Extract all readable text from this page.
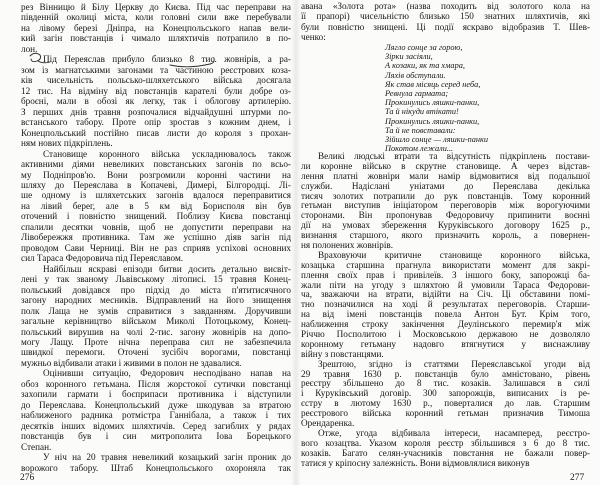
рез Вінницю й Білу Церкву до Києва. Під час переправи на
південній околиці міста, коли головні сили вже перебували
на лівому березі Дніпра, на Конецпольського напав вели-
кий загін повстанців і чимало шляхтичів потрапило в по-
лон.
Під Переяслав прибуло близько 8 тис. жовнірів, а ра-
зом із магнатськими загонами та частиною реєстрових коза-
ків чисельність польсько-шляхетського війська досягала
12 тис. На відміну від повстанців карателі були добре оз-
броєні, мали в обозі як легку, так і облогову артилерію.
З перших днів травня розпочалися відчайдушні штурми по-
встанського табору. Проте опір зростав з кожним днем, і
Конецпольський постійно писав листи до короля з прохан-
ням нових підкріплень.
Становище коронного війська ускладнювалось також
активними діями невеликих повстанських загонів по всьо-
му Подніпров'ю. Вони розгромили коронні частини на
шляху до Переяслава в Копачеві, Димері, Білгородці. Лі-
ше одному із шляхетських загонів вдалося переправитися
на лівий берег, але в 5 км від Борисполя він був
оточений і повністю знищений. Поблизу Києва повстанці
спалили десятки човнів, щоб не допустити переправи на
Лівобережжя противника. Там же успішно діяв загін під
проводом Сави Черниці. Він не раз сприяв успіхові основних
сил Тараса Федоровича під Переяславом.
Найбільш яскраві епізоди битви досить детально висвіт-
лені у так званому Львівському літописі. 15 травня Конец-
польський довідався про підхід до міста п'ятитисячного
загону народних месників. Відправлений на його знищення
полк Лаща не зумів справитися з завданням. Доручивши
загальне керівництво військом Миколі Потоцькому, Конец-
польський вирушив на чолі 2-тис. загону жовнірів на допо-
могу Лащу. Проте нічна переправа сил не забезпечила
швидкої перемоги. Оточені зусібіч ворогами, повстанці
мужньо відбивали атаки і живими в полон не здавалися.
Оцінивши ситуацію, Федорович несподівано напав на
обоз коронного гетьмана. Після жорстокої сутички повстанці
захопили гармати і боєприпаси противника і відступили
до Переяслава. Конецпольський дуже шкодував за втратою
наближеного радника ротмістра Ганнібала, а також і тих
десятків інших відомих шляхтичів. Серед загиблих у рядах
повстанців був і син митрополита Іова Борецького
Степан.
У ніч на 20 травня невеликий козацький загін проник до
ворожого табору. Штаб Конецпольського охороняла так
276
авана «Золота рота» (назва походить від золотого кола на
її прапорі) чисельністю близько 150 знатних шляхтичів, які
були повністю знищені. Ці події яскраво відобразив Т. Шев-
ченко:
Лягло сонце за горою,
Зірки засіяли,
А козаки, як та хмара,
Ляхів обступали.
Як став місяць серед неба,
Ревнула гармата;
Прокинулись ляшки-панки,
Та й нікуди втікати!
Прокинулись ляшки-панки,
Та й не повставали:
Зійшло сонце — ляшки-панки
Покотом лежали...
Великі людські втрати та відсутність підкріплень постави-
ли коронне військо в скрутне становище. А через відстав-
лення платні жовніри мали намір відмовитися від подальшої
служби. Надіслані уніатами до Переяслава декілька
тисяч золотих потрапили до рук повстанців. Тому коронний
гетьман виступив ініціатором переговорів між ворогуючими
сторонами. Він пропонував Федоровичу припинити воєнні
дії на умовах збереження Куруківського договору 1625 р.,
визнання старшого, якого призначить король, а повернен-
ня полонених жовнірів.
Враховуючи критичне становище коронного війська,
козацька старшина прагнула використати момент для закрі-
плення своїх прав і привілеїв. З іншого боку, запорожці ба-
жали піти на угоду з шляхтою й умовили Тараса Федорови-
ча, зважаючи на втрати, відійти на Січ. Ці обставини помі-
тно позначилися на ході й результатах переговорів. Старши-
на від імені повстанців повела Антон Бут. Крім того,
наближення строку закінчення Деулінського перемир'я між
Річчю Посполитою і Московською державою не дозволяло
коронному гетьману надовго втягнутися у виснажливу
війну з повстанцями.
Зрештою, згідно із статтями Переяславської угоди від
29 травня 1630 р. повстанців було амністовано, рівень
реєстру збільшено до 8 тис. козаків. Залишався в силі
і Куруківський договір. 300 запорожців, виписаних із ре-
єстру в лютому 1630 р., поверталися до лав. Старшим
реєстрового війська коронний гетьман призначив Тимоша
Орендаренка.
Отже, угода відбивала інтереси, насамперед, реєстро-
вого козацтва. Указом короля реєстр збільшився з 6 до 8 тис.
козаків. Багато селян-учасників повстання не бажали повер-
татися у кріпосну залежність. Вони відмовлялися виконув
277
